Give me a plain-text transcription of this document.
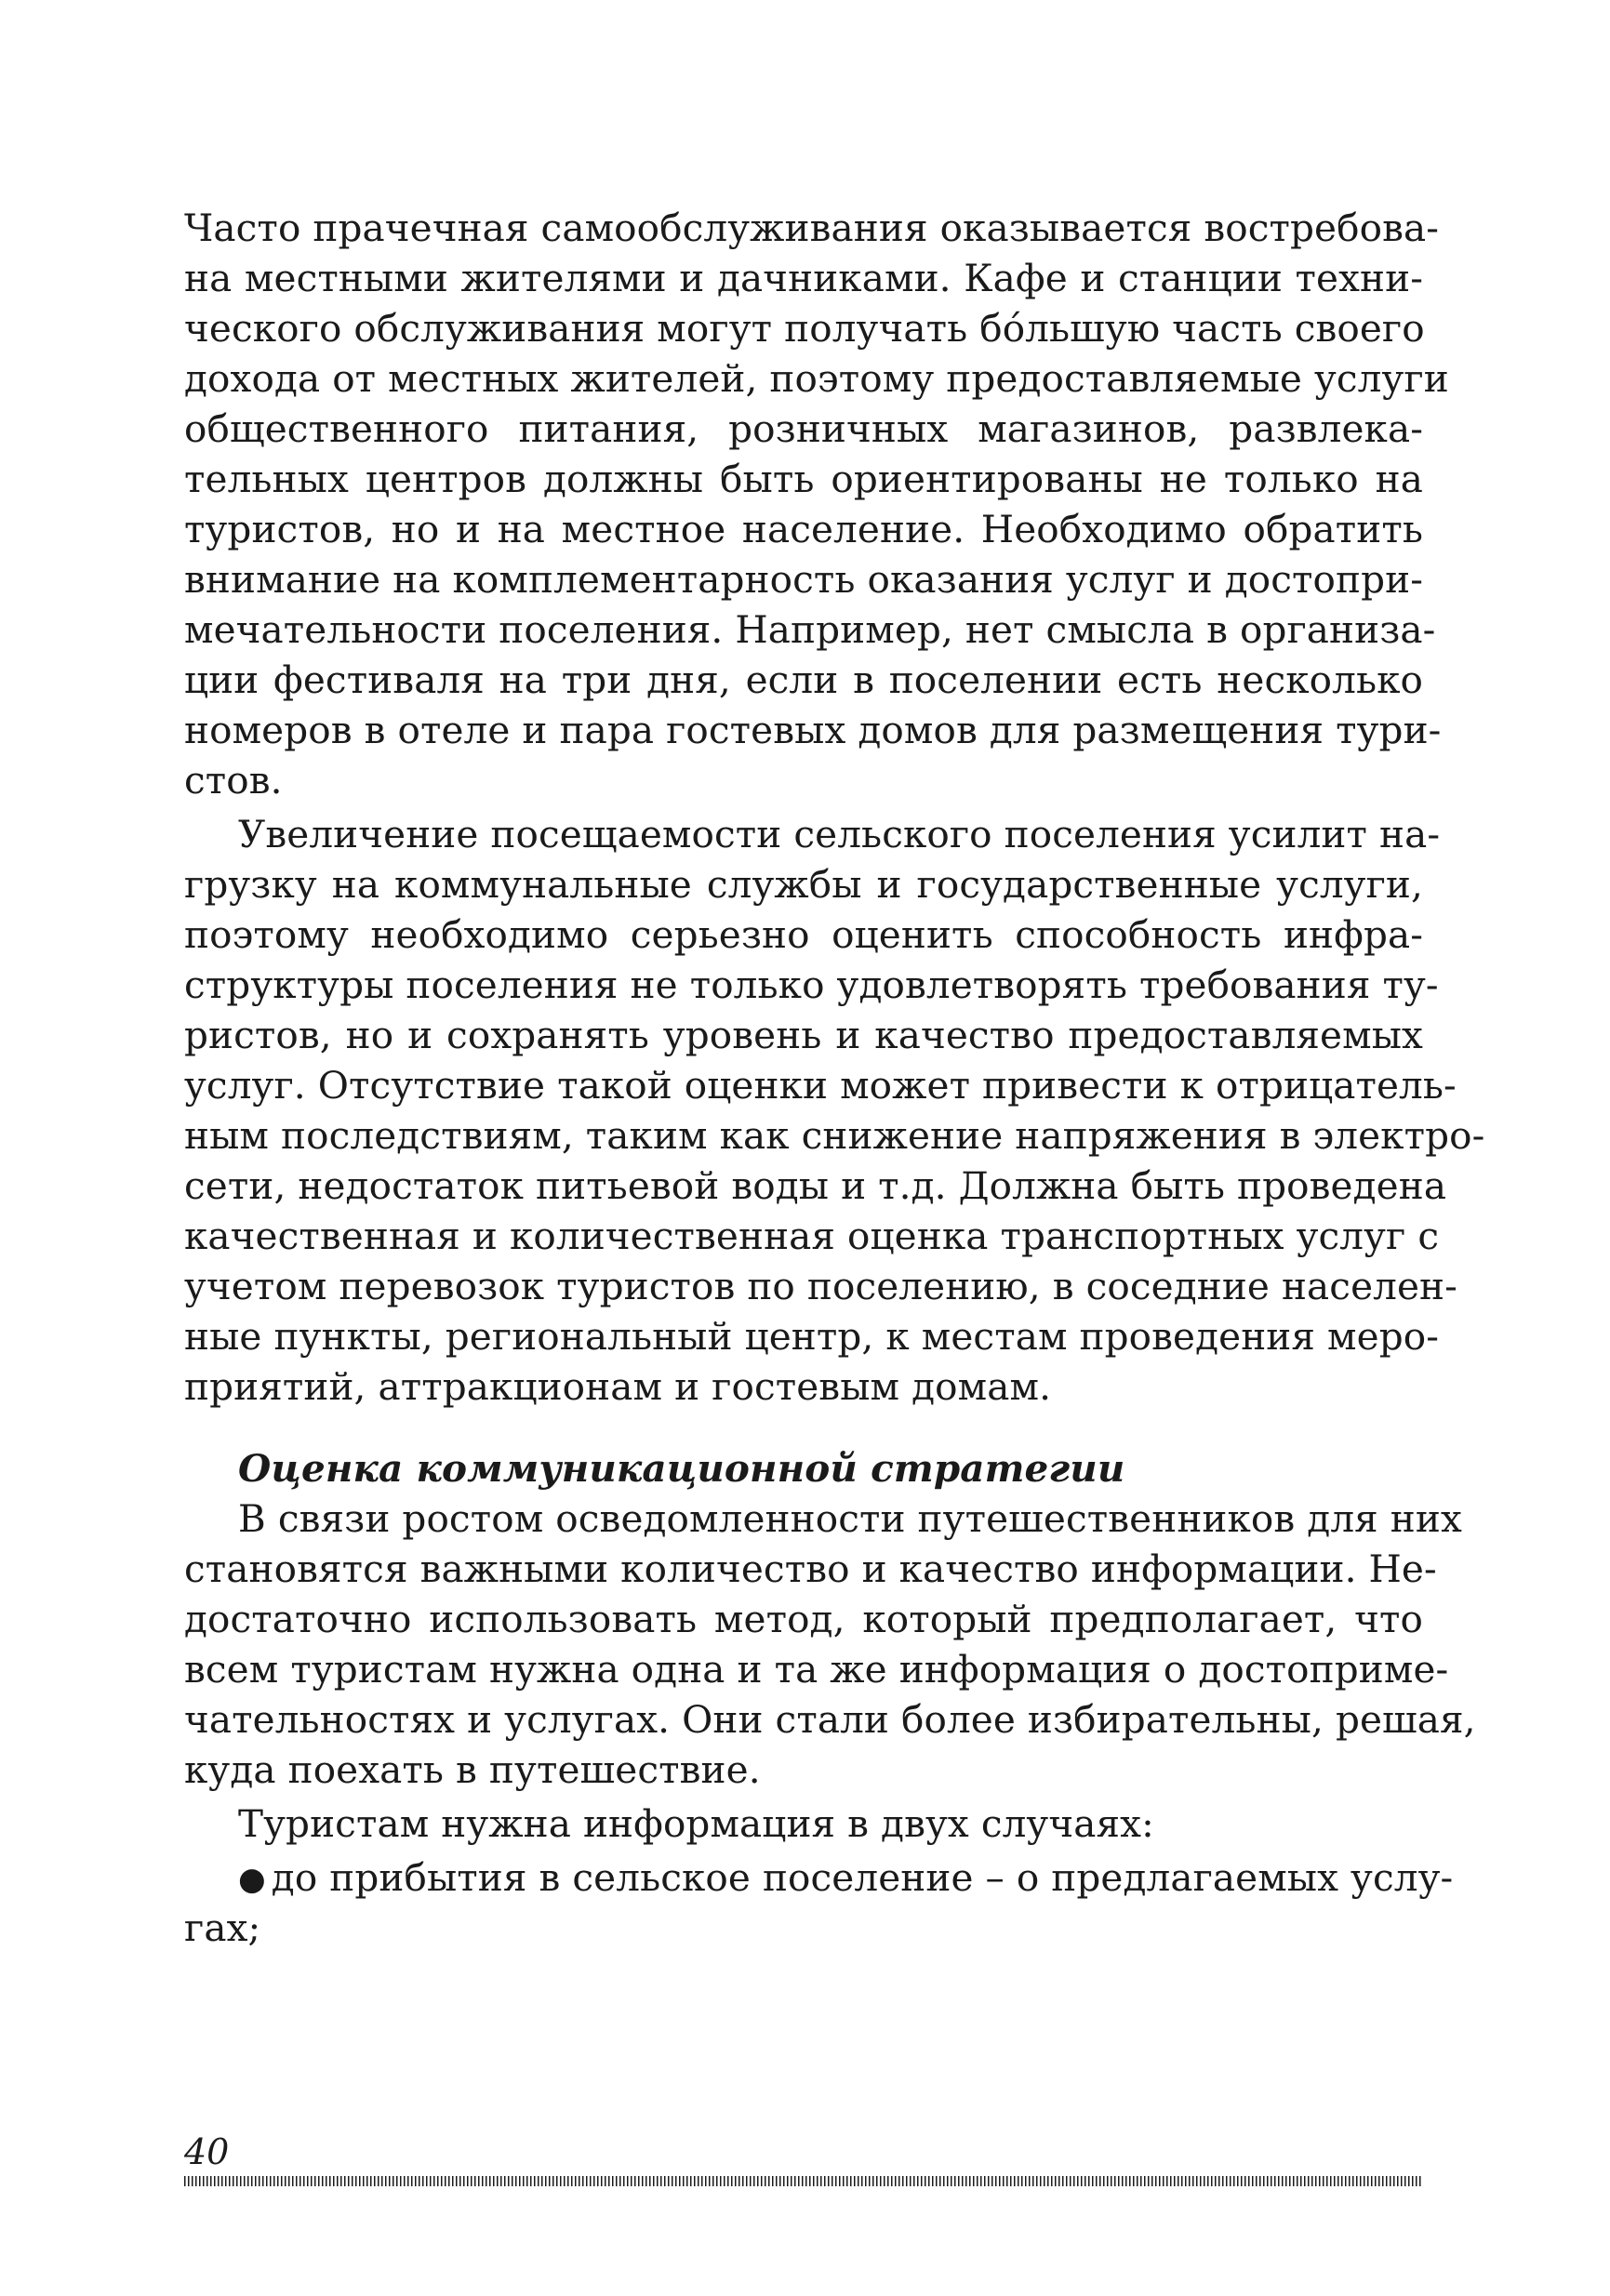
Часто прачечная самообслуживания оказывается востребова-
на местными жителями и дачниками. Кафе и станции техни-
ческого обслуживания могут получать бóльшую часть своего
дохода от местных жителей, поэтому предоставляемые услуги
общественного питания, розничных магазинов, развлека-
тельных центров должны быть ориентированы не только на
туристов, но и на местное население. Необходимо обратить
внимание на комплементарность оказания услуг и достопри-
мечательности поселения. Например, нет смысла в организа-
ции фестиваля на три дня, если в поселении есть несколько
номеров в отеле и пара гостевых домов для размещения тури-
стов.
Увеличение посещаемости сельского поселения усилит на-
грузку на коммунальные службы и государственные услуги,
поэтому необходимо серьезно оценить способность инфра-
структуры поселения не только удовлетворять требования ту-
ристов, но и сохранять уровень и качество предоставляемых
услуг. Отсутствие такой оценки может привести к отрицатель-
ным последствиям, таким как снижение напряжения в электро-
сети, недостаток питьевой воды и т.д. Должна быть проведена
качественная и количественная оценка транспортных услуг с
учетом перевозок туристов по поселению, в соседние населен-
ные пункты, региональный центр, к местам проведения меро-
приятий, аттракционам и гостевым домам.
Оценка коммуникационной стратегии
В связи ростом осведомленности путешественников для них
становятся важными количество и качество информации. Не-
достаточно использовать метод, который предполагает, что
всем туристам нужна одна и та же информация о достоприме-
чательностях и услугах. Они стали более избирательны, решая,
куда поехать в путешествие.
Туристам нужна информация в двух случаях:
● до прибытия в сельское поселение – о предлагаемых услу-
гах;
40
